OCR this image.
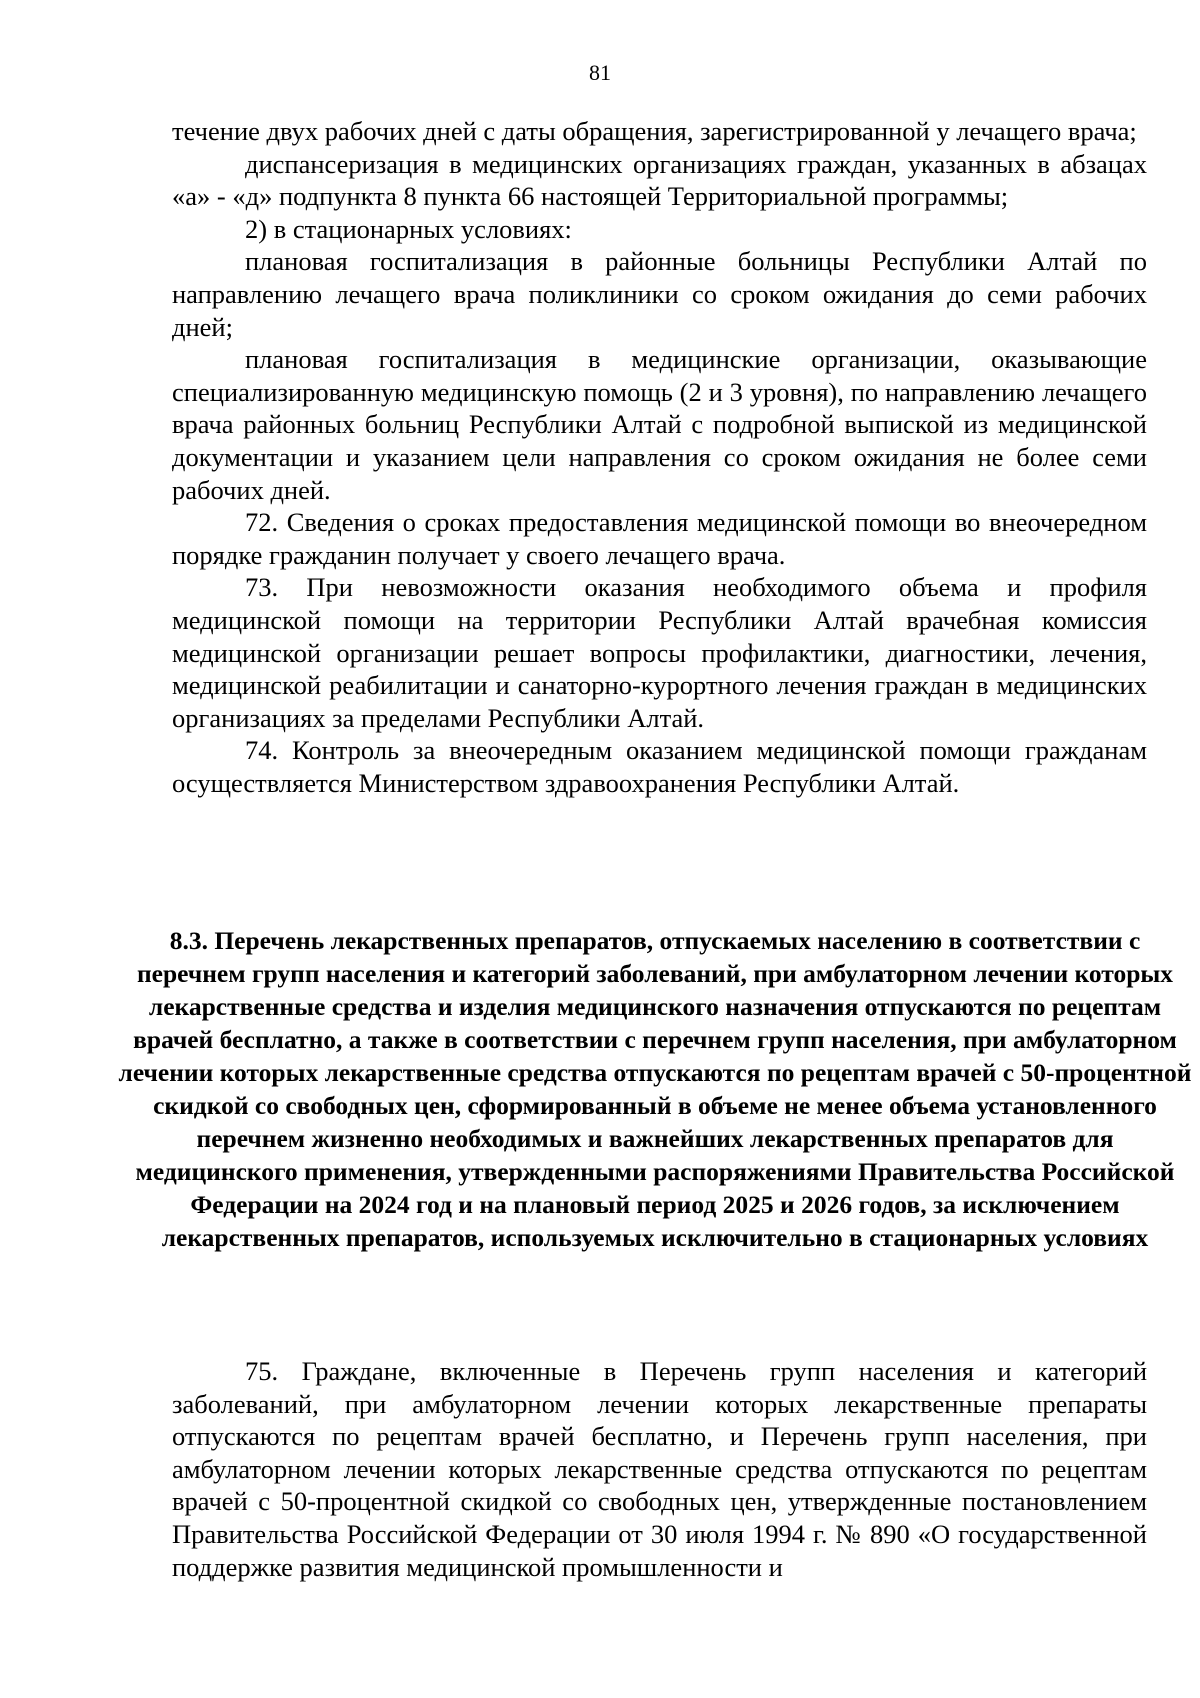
81

течение двух рабочих дней с даты обращения, зарегистрированной у лечащего врача;

диспансеризация в медицинских организациях граждан, указанных в абзацах «а» - «д» подпункта 8 пункта 66 настоящей Территориальной программы;

2) в стационарных условиях:

плановая госпитализация в районные больницы Республики Алтай по направлению лечащего врача поликлиники со сроком ожидания до семи рабочих дней;

плановая госпитализация в медицинские организации, оказывающие специализированную медицинскую помощь (2 и 3 уровня), по направлению лечащего врача районных больниц Республики Алтай с подробной выпиской из медицинской документации и указанием цели направления со сроком ожидания не более семи рабочих дней.

72. Сведения о сроках предоставления медицинской помощи во внеочередном порядке гражданин получает у своего лечащего врача.

73. При невозможности оказания необходимого объема и профиля медицинской помощи на территории Республики Алтай врачебная комиссия медицинской организации решает вопросы профилактики, диагностики, лечения, медицинской реабилитации и санаторно-курортного лечения граждан в медицинских организациях за пределами Республики Алтай.

74. Контроль за внеочередным оказанием медицинской помощи гражданам осуществляется Министерством здравоохранения Республики Алтай.

8.3. Перечень лекарственных препаратов, отпускаемых населению в соответствии с перечнем групп населения и категорий заболеваний, при амбулаторном лечении которых лекарственные средства и изделия медицинского назначения отпускаются по рецептам врачей бесплатно, а также в соответствии с перечнем групп населения, при амбулаторном лечении которых лекарственные средства отпускаются по рецептам врачей с 50-процентной скидкой со свободных цен, сформированный в объеме не менее объема установленного перечнем жизненно необходимых и важнейших лекарственных препаратов для медицинского применения, утвержденными распоряжениями Правительства Российской Федерации на 2024 год и на плановый период 2025 и 2026 годов, за исключением лекарственных препаратов, используемых исключительно в стационарных условиях

75. Граждане, включенные в Перечень групп населения и категорий заболеваний, при амбулаторном лечении которых лекарственные препараты отпускаются по рецептам врачей бесплатно, и Перечень групп населения, при амбулаторном лечении которых лекарственные средства отпускаются по рецептам врачей с 50-процентной скидкой со свободных цен, утвержденные постановлением Правительства Российской Федерации от 30 июля 1994 г. № 890 «О государственной поддержке развития медицинской промышленности и
